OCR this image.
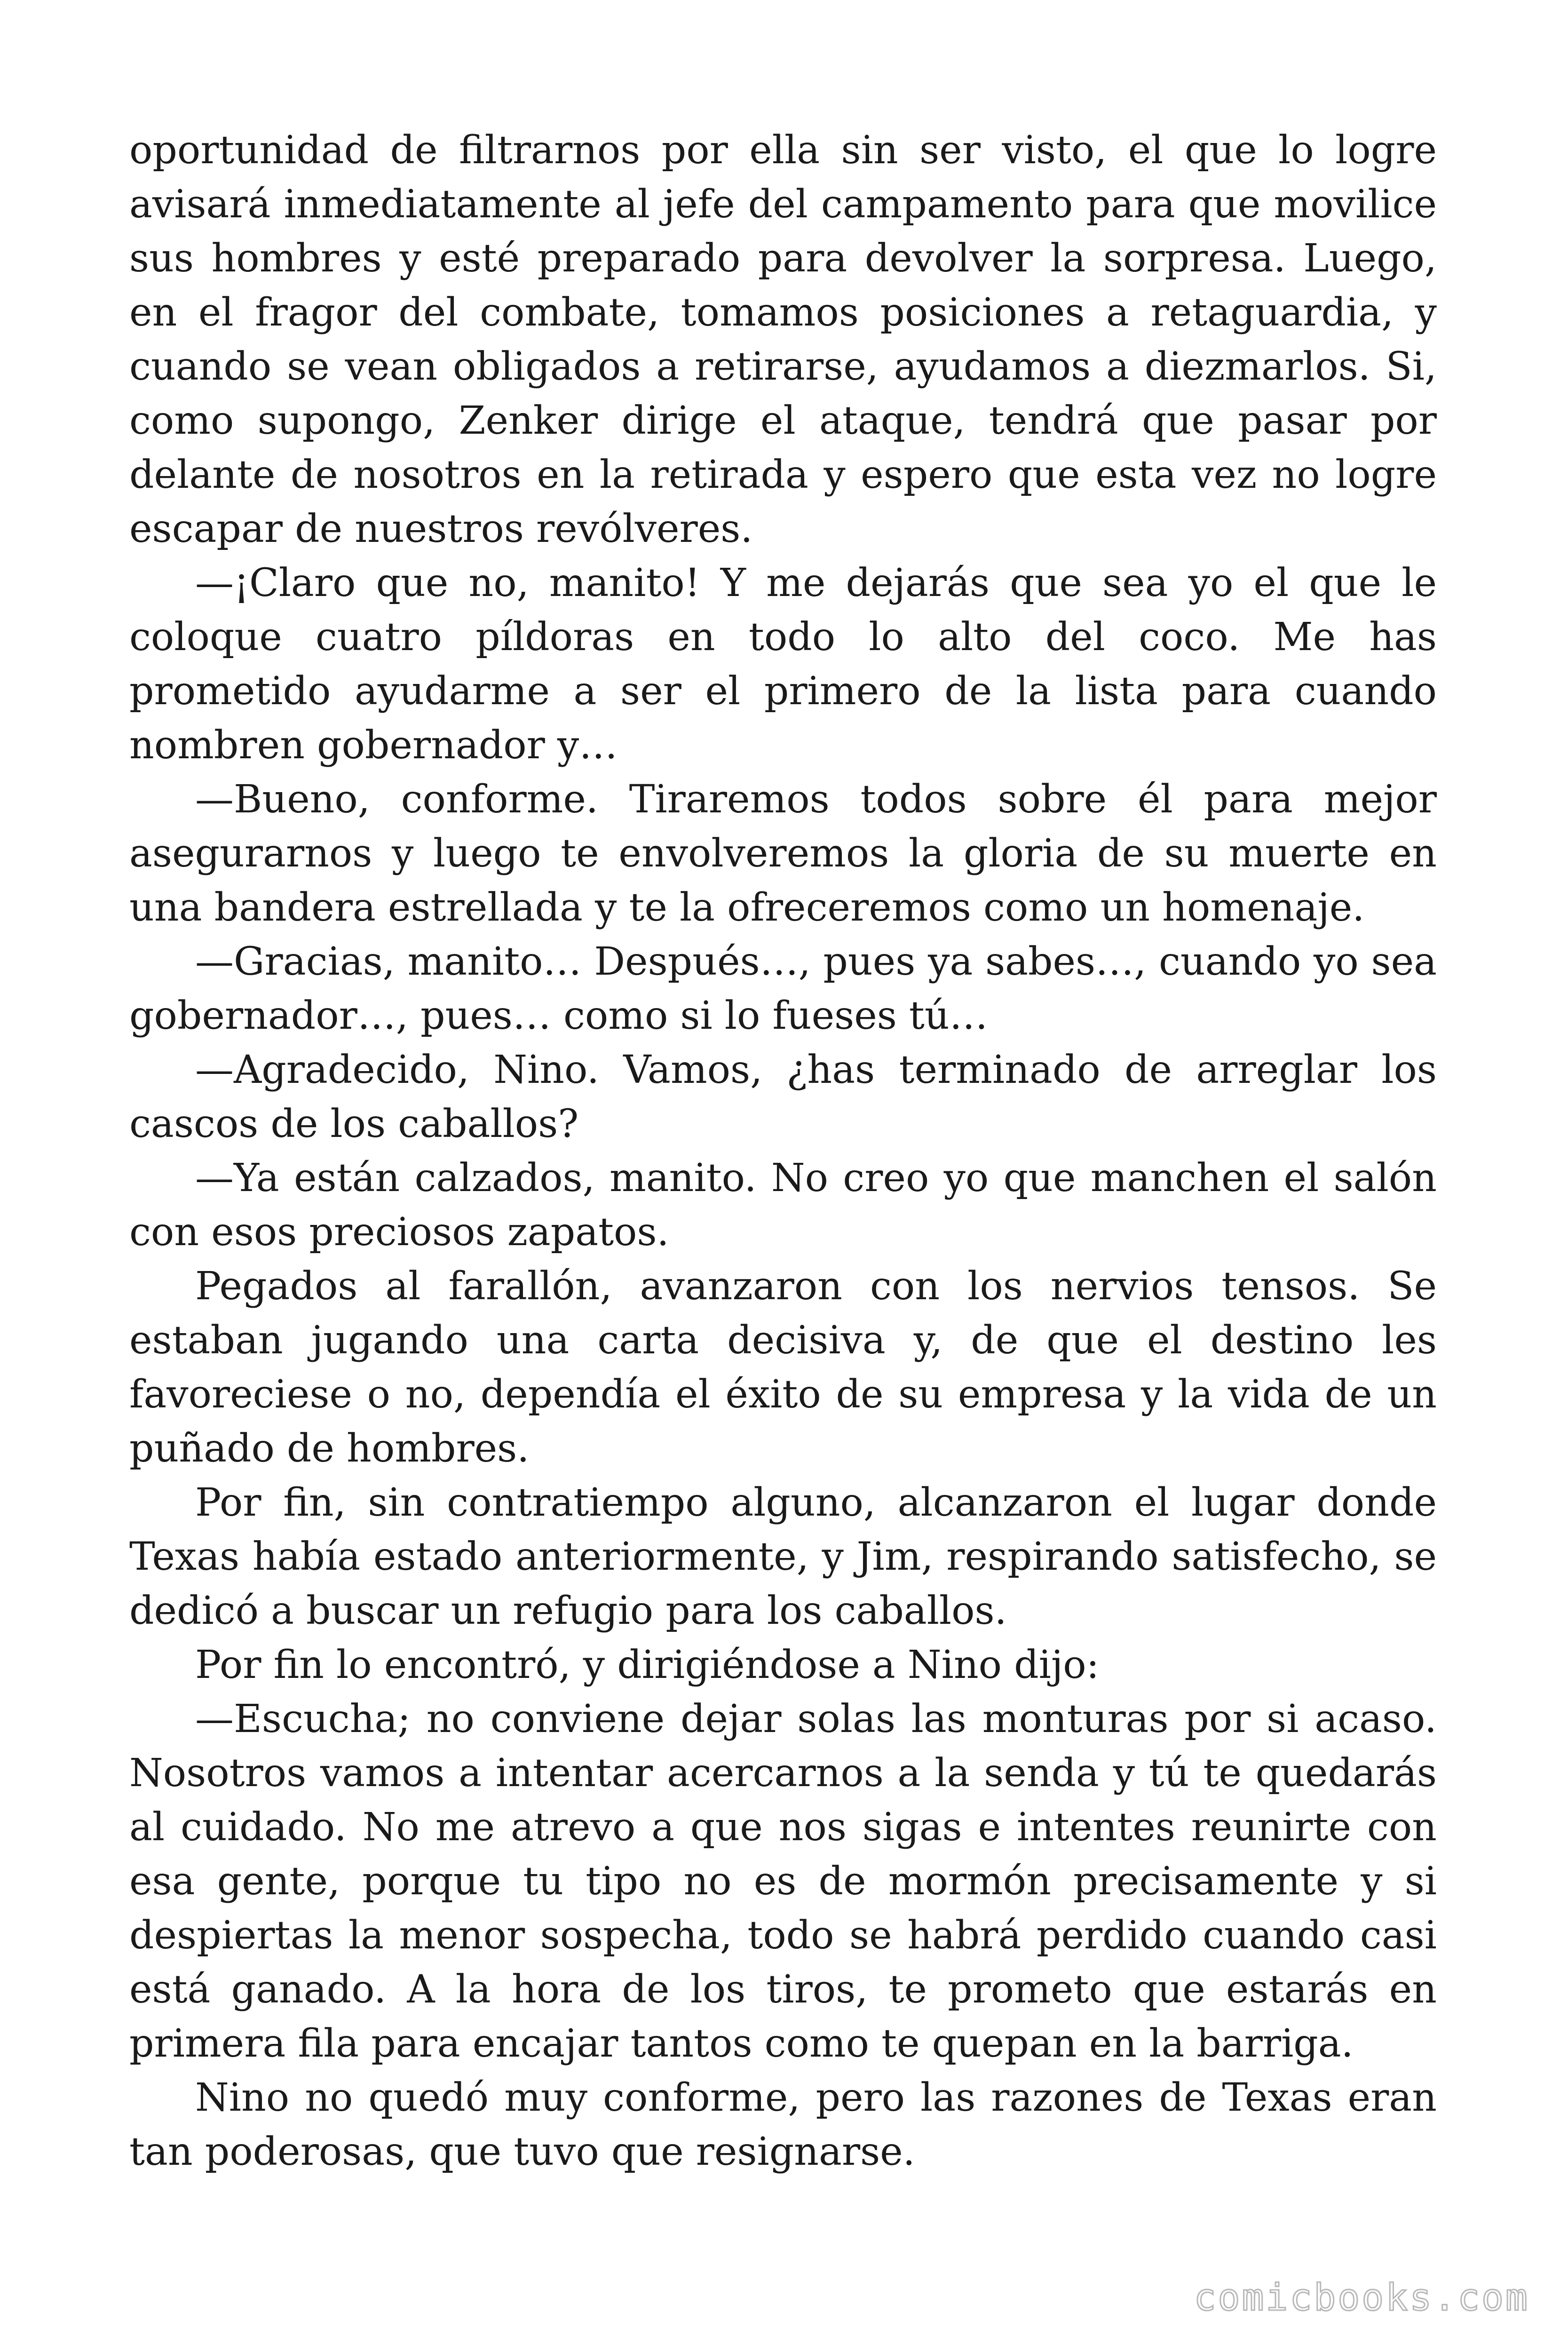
oportunidad de filtrarnos por ella sin ser visto, el que lo logre avisará inmediatamente al jefe del campamento para que movilice sus hombres y esté preparado para devolver la sorpresa. Luego, en el fragor del combate, tomamos posiciones a retaguardia, y cuando se vean obligados a retirarse, ayudamos a diezmarlos. Si, como supongo, Zenker dirige el ataque, tendrá que pasar por delante de nosotros en la retirada y espero que esta vez no logre escapar de nuestros revólveres.

—¡Claro que no, manito! Y me dejarás que sea yo el que le coloque cuatro píldoras en todo lo alto del coco. Me has prometido ayudarme a ser el primero de la lista para cuando nombren gobernador y…

—Bueno, conforme. Tiraremos todos sobre él para mejor asegurarnos y luego te envolveremos la gloria de su muerte en una bandera estrellada y te la ofreceremos como un homenaje.

—Gracias, manito… Después…, pues ya sabes…, cuando yo sea gobernador…, pues… como si lo fueses tú…

—Agradecido, Nino. Vamos, ¿has terminado de arreglar los cascos de los caballos?

—Ya están calzados, manito. No creo yo que manchen el salón con esos preciosos zapatos.

Pegados al farallón, avanzaron con los nervios tensos. Se estaban jugando una carta decisiva y, de que el destino les favoreciese o no, dependía el éxito de su empresa y la vida de un puñado de hombres.

Por fin, sin contratiempo alguno, alcanzaron el lugar donde Texas había estado anteriormente, y Jim, respirando satisfecho, se dedicó a buscar un refugio para los caballos.

Por fin lo encontró, y dirigiéndose a Nino dijo:

—Escucha; no conviene dejar solas las monturas por si acaso. Nosotros vamos a intentar acercarnos a la senda y tú te quedarás al cuidado. No me atrevo a que nos sigas e intentes reunirte con esa gente, porque tu tipo no es de mormón precisamente y si despiertas la menor sospecha, todo se habrá perdido cuando casi está ganado. A la hora de los tiros, te prometo que estarás en primera fila para encajar tantos como te quepan en la barriga.

Nino no quedó muy conforme, pero las razones de Texas eran tan poderosas, que tuvo que resignarse.

comicbooks.com
